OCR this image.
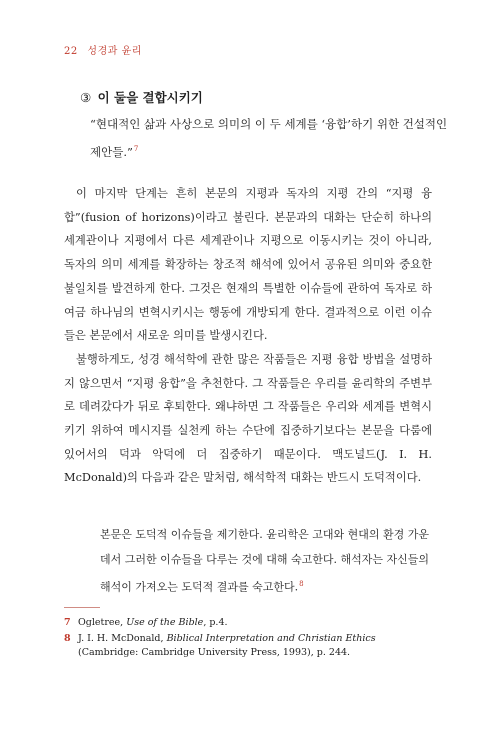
22 성경과 윤리
③ 이 둘을 결합시키기
“현대적인 삶과 사상으로 의미의 이 두 세계를 ‘융합’하기 위한 건설적인 제안들.”$^7$

이 마지막 단계는 흔히 본문의 지평과 독자의 지평 간의 “지평 융합”(fusion of horizons)이라고 불린다. 본문과의 대화는 단순히 하나의 세계관이나 지평에서 다른 세계관이나 지평으로 이동시키는 것이 아니라, 독자의 의미 세계를 확장하는 창조적 해석에 있어서 공유된 의미와 중요한 불일치를 발견하게 한다. 그것은 현재의 특별한 이슈들에 관하여 독자로 하여금 하나님의 변혁시키시는 행동에 개방되게 한다. 결과적으로 이런 이슈들은 본문에서 새로운 의미를 발생시킨다.

불행하게도, 성경 해석학에 관한 많은 작품들은 지평 융합 방법을 설명하지 않으면서 “지평 융합”을 추천한다. 그 작품들은 우리를 윤리학의 주변부로 데려갔다가 뒤로 후퇴한다. 왜냐하면 그 작품들은 우리와 세계를 변혁시키기 위하여 메시지를 실천케 하는 수단에 집중하기보다는 본문을 다룸에 있어서의 덕과 악덕에 더 집중하기 때문이다. 맥도널드(J. I. H. McDonald)의 다음과 같은 말처럼, 해석학적 대화는 반드시 도덕적이다.

본문은 도덕적 이슈들을 제기한다. 윤리학은 고대와 현대의 환경 가운데서 그러한 이슈들을 다루는 것에 대해 숙고한다. 해석자는 자신들의 해석이 가져오는 도덕적 결과를 숙고한다.$^8$
7 Ogletree, Use of the Bible, p.4.
8 J. I. H. McDonald, Biblical Interpretation and Christian Ethics (Cambridge: Cambridge University Press, 1993), p. 244.
